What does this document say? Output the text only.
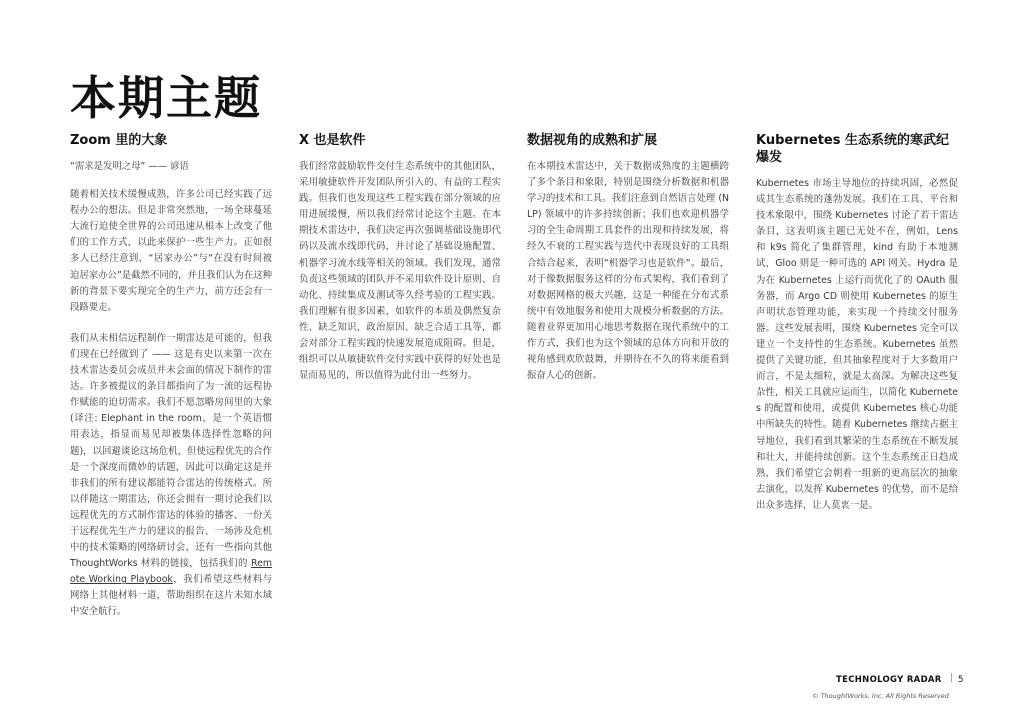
本期主题
Zoom 里的大象

“需求是发明之母” —— 谚语

随着相关技术缓慢成熟，许多公司已经实践了远程办公的想法。但是非常突然地，一场全球蔓延大流行迫使全世界的公司迅速从根本上改变了他们的工作方式，以此来保护一些生产力。正如很多人已经注意到，“居家办公”与“在没有时间被迫居家办公”是截然不同的，并且我们认为在这种新的背景下要实现完全的生产力，前方还会有一段路要走。

我们从未相信远程制作一期雷达是可能的，但我们现在已经做到了 —— 这是有史以来第一次在技术雷达委员会成员并未会面的情况下制作的雷达。许多被提议的条目都指向了为一流的远程协作赋能的迫切需求。我们不愿忽略房间里的大象 (译注: Elephant in the room，是一个英语惯用表达，指显而易见却被集体选择性忽略的问题)，以回避谈论这场危机，但使远程优先的合作是一个深度而微妙的话题，因此可以确定这是并非我们的所有建议都能符合雷达的传统格式。所以伴随这一期雷达，你还会拥有一期讨论我们以远程优先的方式制作雷达的体验的播客、一份关于远程优先生产力的建议的报告、一场涉及危机中的技术策略的网络研讨会，还有一些指向其他 ThoughtWorks 材料的链接，包括我们的 Remote Working Playbook，我们希望这些材料与网络上其他材料一道，帮助组织在这片未知水域中安全航行。

X 也是软件

我们经常鼓励软件交付生态系统中的其他团队，采用敏捷软件开发团队所引入的、有益的工程实践。但我们也发现这些工程实践在部分领域的应用进展缓慢，所以我们经常讨论这个主题。在本期技术雷达中，我们决定再次强调基础设施即代码以及流水线即代码，并讨论了基础设施配置、机器学习流水线等相关的领域。我们发现，通常负责这些领域的团队并不采用软件设计原则、自动化、持续集成及测试等久经考验的工程实践。我们理解有很多因素，如软件的本质及偶然复杂性、缺乏知识，政治原因、缺乏合适工具等，都会对部分工程实践的快速发展造成阻碍。但是，组织可以从敏捷软件交付实践中获得的好处也是显而易见的，所以值得为此付出一些努力。

数据视角的成熟和扩展

在本期技术雷达中，关于数据成熟度的主题横跨了多个条目和象限，特别是围绕分析数据和机器学习的技术和工具。我们注意到自然语言处理 (NLP) 领域中的许多持续创新；我们也欢迎机器学习的全生命周期工具套件的出现和持续发展，将经久不衰的工程实践与迭代中表现良好的工具组合结合起来，表明“机器学习也是软件”。最后，对于像数据服务这样的分布式架构，我们看到了对数据网格的极大兴趣，这是一种能在分布式系统中有效地服务和使用大规模分析数据的方法。随着业界更加用心地思考数据在现代系统中的工作方式，我们也为这个领域的总体方向和开放的视角感到欢欣鼓舞，并期待在不久的将来能看到振奋人心的创新。

Kubernetes 生态系统的寒武纪爆发

Kubernetes 市场主导地位的持续巩固，必然促成其生态系统的蓬勃发展。我们在工具、平台和技术象限中，围绕 Kubernetes 讨论了若干雷达条目，这表明该主题已无处不在，例如，Lens 和 k9s 简化了集群管理，kind 有助于本地测试，Gloo 则是一种可选的 API 网关。Hydra 是为在 Kubernetes 上运行而优化了的 OAuth 服务器，而 Argo CD 则使用 Kubernetes 的原生声明状态管理功能，来实现一个持续交付服务器。这些发展表明，围绕 Kubernetes 完全可以建立一个支持性的生态系统。Kubernetes 虽然提供了关键功能，但其抽象程度对于大多数用户而言，不是太细粒，就是太高深。为解决这些复杂性，相关工具就应运而生，以简化 Kubernetes 的配置和使用，或提供 Kubernetes 核心功能中所缺失的特性。随着 Kubernetes 继续占据主导地位，我们看到其繁荣的生态系统在不断发展和壮大，并能持续创新。这个生态系统正日趋成熟，我们希望它会朝着一组新的更高层次的抽象去演化，以发挥 Kubernetes 的优势，而不是给出众多选择，让人莫衷一是。

TECHNOLOGY RADAR | 5
© ThoughtWorks, Inc. All Rights Reserved
